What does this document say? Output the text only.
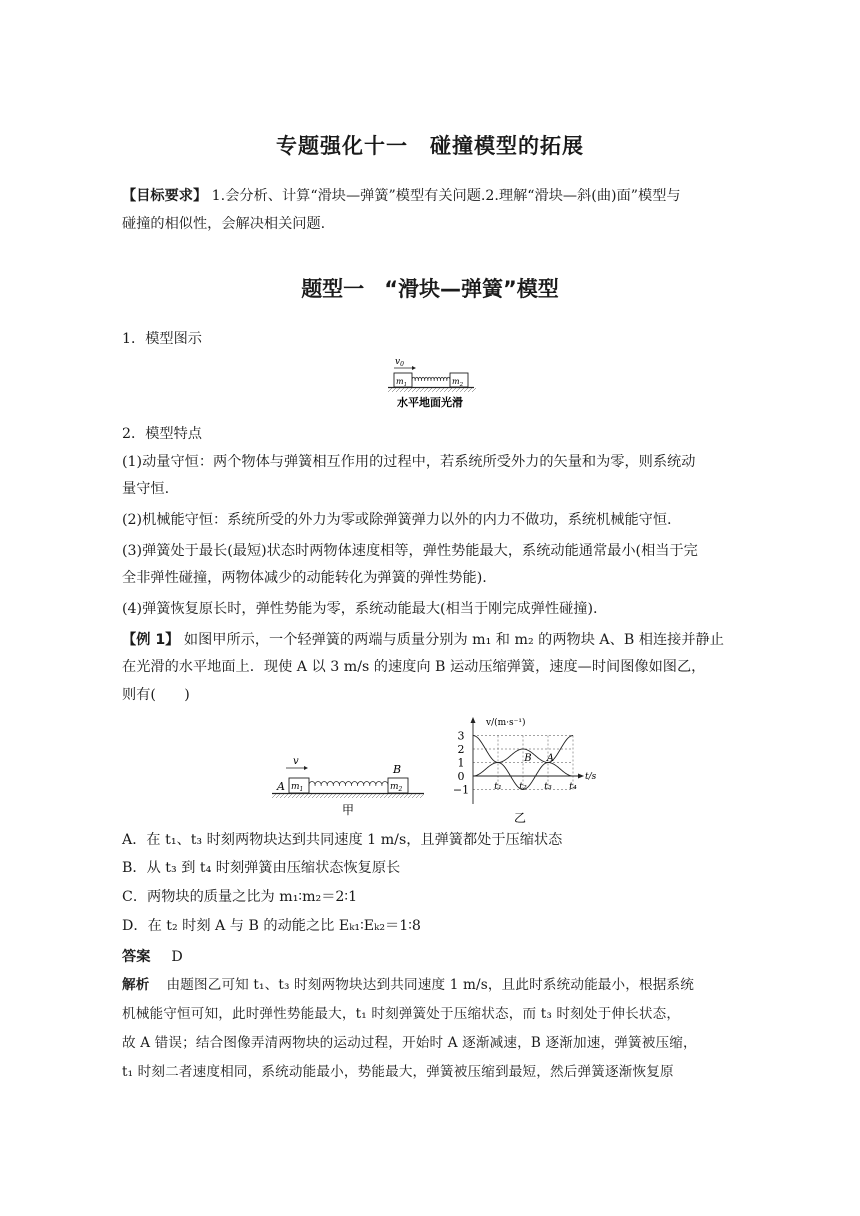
专题强化十一 碰撞模型的拓展
【目标要求】 1.会分析、计算“滑块—弹簧”模型有关问题.2.理解“滑块—斜(曲)面”模型与
碰撞的相似性，会解决相关问题.
题型一 “滑块—弹簧”模型
1．模型图示
$v_0$
$m_1$	$m_2$
水平地面光滑
2．模型特点
(1)动量守恒：两个物体与弹簧相互作用的过程中，若系统所受外力的矢量和为零，则系统动
量守恒.
(2)机械能守恒：系统所受的外力为零或除弹簧弹力以外的内力不做功，系统机械能守恒.
(3)弹簧处于最长(最短)状态时两物体速度相等，弹性势能最大，系统动能通常最小(相当于完
全非弹性碰撞，两物体减少的动能转化为弹簧的弹性势能).
(4)弹簧恢复原长时，弹性势能为零，系统动能最大(相当于刚完成弹性碰撞).
【例 1】 如图甲所示，一个轻弹簧的两端与质量分别为 m₁ 和 m₂ 的两物块 A、B 相连接并静止
在光滑的水平地面上．现使 A 以 3 m/s 的速度向 B 运动压缩弹簧，速度—时间图像如图乙，
则有(　　)
v
A $m_1$
B
$m_2$
甲
v/(m·s⁻¹)
3
2
1
0
−1	t₁ t₂ t₃ t₄
B A
t/s
乙
A．在 t₁、t₃ 时刻两物块达到共同速度 1 m/s，且弹簧都处于压缩状态
B．从 t₃ 到 t₄ 时刻弹簧由压缩状态恢复原长
C．两物块的质量之比为 m₁∶m₂＝2∶1
D．在 t₂ 时刻 A 与 B 的动能之比 Eₖ₁∶Eₖ₂＝1∶8
答案 D
解析 由题图乙可知 t₁、t₃ 时刻两物块达到共同速度 1 m/s，且此时系统动能最小，根据系统
机械能守恒可知，此时弹性势能最大，t₁ 时刻弹簧处于压缩状态，而 t₃ 时刻处于伸长状态，
故 A 错误；结合图像弄清两物块的运动过程，开始时 A 逐渐减速，B 逐渐加速，弹簧被压缩，
t₁ 时刻二者速度相同，系统动能最小，势能最大，弹簧被压缩到最短，然后弹簧逐渐恢复原
